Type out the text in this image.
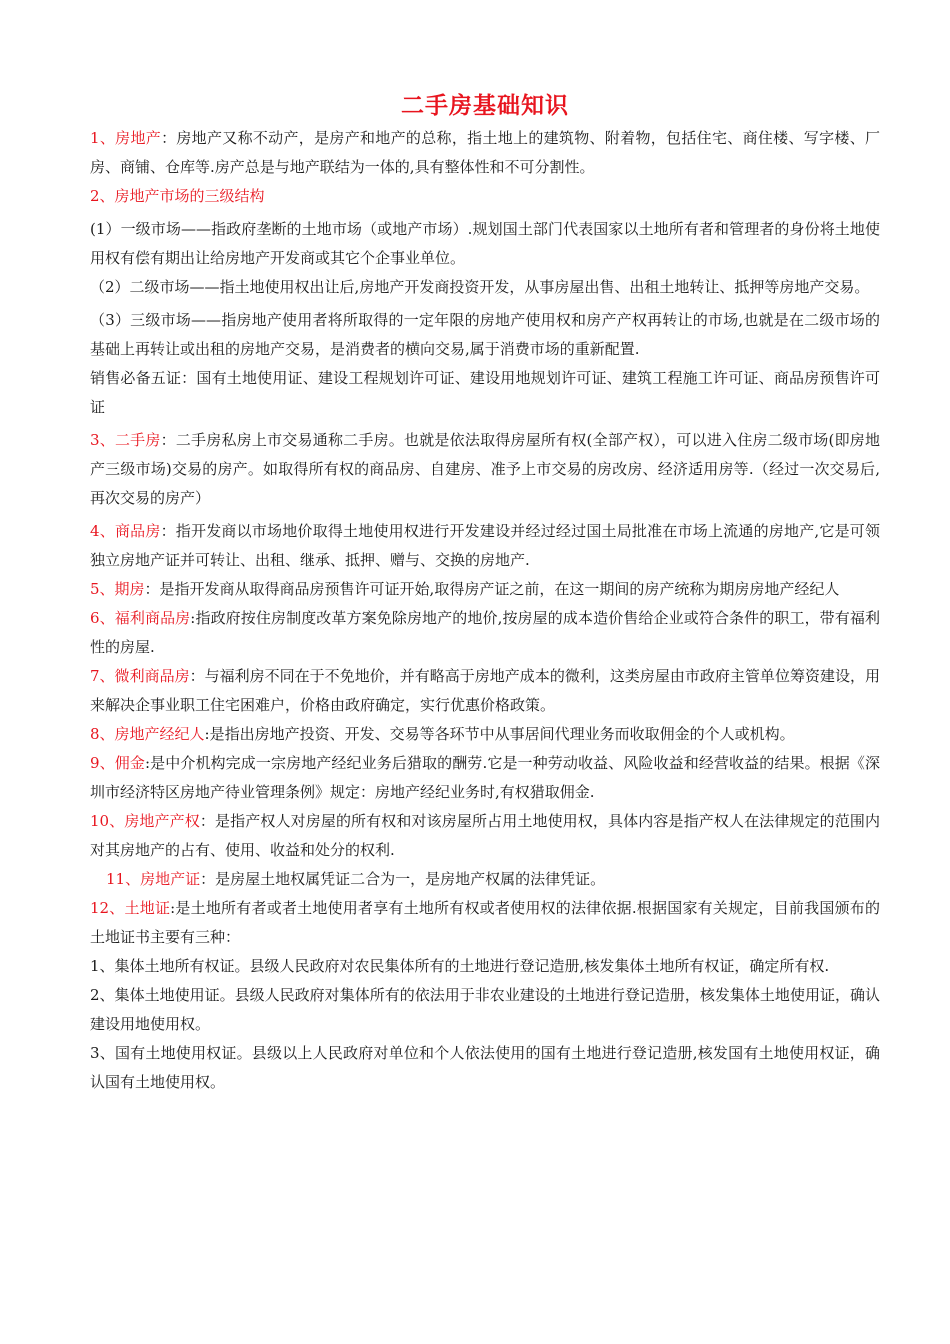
二手房基础知识

1、房地产：房地产又称不动产，是房产和地产的总称，指土地上的建筑物、附着物，包括住宅、商住楼、写字楼、厂房、商铺、仓库等.房产总是与地产联结为一体的,具有整体性和不可分割性。

2、房地产市场的三级结构

(1）一级市场——指政府垄断的土地市场（或地产市场）.规划国土部门代表国家以土地所有者和管理者的身份将土地使用权有偿有期出让给房地产开发商或其它个企事业单位。

（2）二级市场——指土地使用权出让后,房地产开发商投资开发，从事房屋出售、出租土地转让、抵押等房地产交易。

（3）三级市场——指房地产使用者将所取得的一定年限的房地产使用权和房产产权再转让的市场,也就是在二级市场的基础上再转让或出租的房地产交易，是消费者的横向交易,属于消费市场的重新配置.

销售必备五证：国有土地使用证、建设工程规划许可证、建设用地规划许可证、建筑工程施工许可证、商品房预售许可证

3、二手房：二手房私房上市交易通称二手房。也就是依法取得房屋所有权(全部产权），可以进入住房二级市场(即房地产三级市场)交易的房产。如取得所有权的商品房、自建房、准予上市交易的房改房、经济适用房等.（经过一次交易后,再次交易的房产）

4、商品房：指开发商以市场地价取得土地使用权进行开发建设并经过经过国土局批准在市场上流通的房地产,它是可领独立房地产证并可转让、出租、继承、抵押、赠与、交换的房地产.

5、期房：是指开发商从取得商品房预售许可证开始,取得房产证之前，在这一期间的房产统称为期房房地产经纪人

6、福利商品房:指政府按住房制度改革方案免除房地产的地价,按房屋的成本造价售给企业或符合条件的职工，带有福利性的房屋.

7、微利商品房：与福利房不同在于不免地价，并有略高于房地产成本的微利，这类房屋由市政府主管单位筹资建设，用来解决企事业职工住宅困难户，价格由政府确定，实行优惠价格政策。

8、房地产经纪人:是指出房地产投资、开发、交易等各环节中从事居间代理业务而收取佣金的个人或机构。

9、佣金:是中介机构完成一宗房地产经纪业务后猎取的酬劳.它是一种劳动收益、风险收益和经营收益的结果。根据《深圳市经济特区房地产待业管理条例》规定：房地产经纪业务时,有权猎取佣金.

10、房地产产权：是指产权人对房屋的所有权和对该房屋所占用土地使用权，具体内容是指产权人在法律规定的范围内对其房地产的占有、使用、收益和处分的权利.

11、房地产证：是房屋土地权属凭证二合为一，是房地产权属的法律凭证。

12、土地证:是土地所有者或者土地使用者享有土地所有权或者使用权的法律依据.根据国家有关规定，目前我国颁布的土地证书主要有三种：

1、集体土地所有权证。县级人民政府对农民集体所有的土地进行登记造册,核发集体土地所有权证，确定所有权.

2、集体土地使用证。县级人民政府对集体所有的依法用于非农业建设的土地进行登记造册，核发集体土地使用证，确认建设用地使用权。

3、国有土地使用权证。县级以上人民政府对单位和个人依法使用的国有土地进行登记造册,核发国有土地使用权证，确认国有土地使用权。
